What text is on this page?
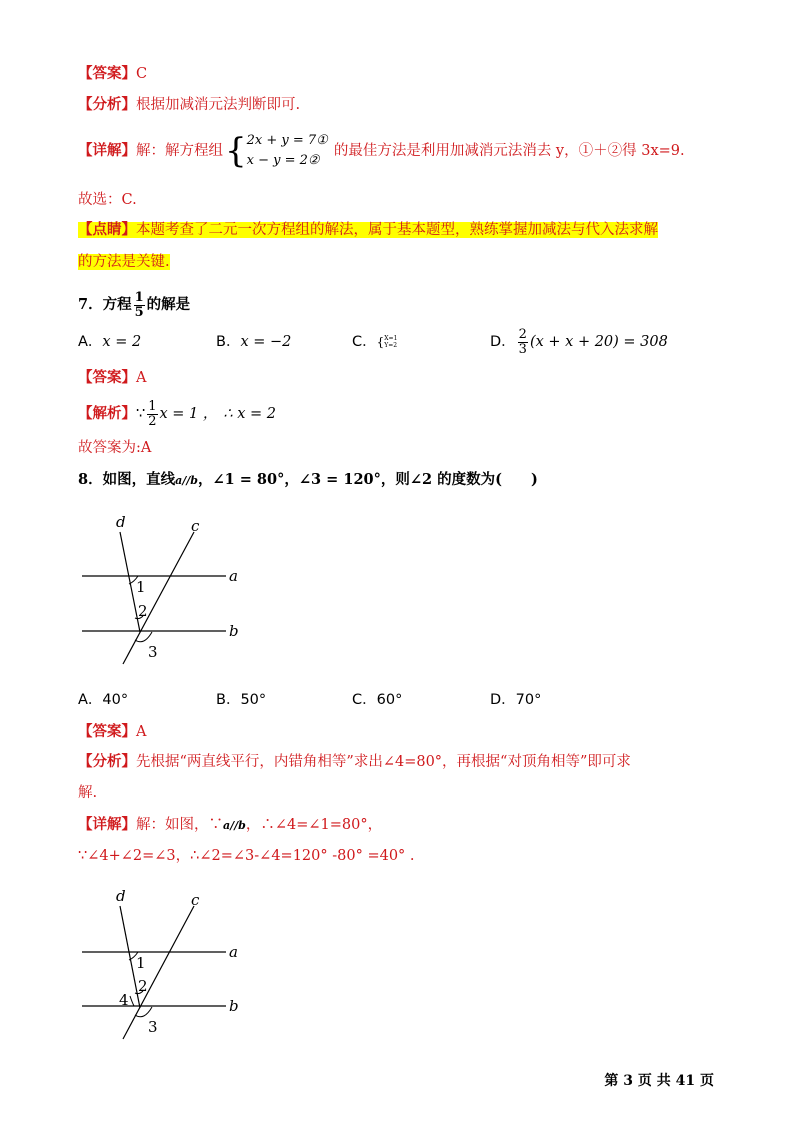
【答案】C
【分析】根据加减消元法判断即可.
【详解】 解：解方程组 { 2x + y = 7①
x − y = 2②
的最佳方法是利用加减消元法消去 y，①＋②得 3x=9.
故选：C.
【点睛】本题考查了二元一次方程组的解法，属于基本题型，熟练掌握加减法与代入法求解
的方法是关键.
7．方程 $\frac{1}{5}$ 的解是
A．x = 2	B．x = −2	C． { X=1
Y=2	D． $\frac{2}{3} (x + x + 20) = 308$
【答案】A
【解析】 ∵ $\frac{1}{2}$ x = 1 ， ∴ x = 2
故答案为:A
8．如图，直线a//b，∠1 = 80°，∠3 = 120°，则∠2 的度数为(　　)
d	c
a
b
1
2
3
A．40°	B．50°	C．60°	D．70°
【答案】A
【分析】先根据“两直线平行，内错角相等”求出∠4=80°，再根据“对顶角相等”即可求
解.
【详解】解：如图，∵a//b，∴∠4=∠1=80°，
∵∠4+∠2=∠3，∴∠2=∠3-∠4=120° -80° =40° .
d	c
a
b
1
2
3
4
第 3 页 共 41 页
